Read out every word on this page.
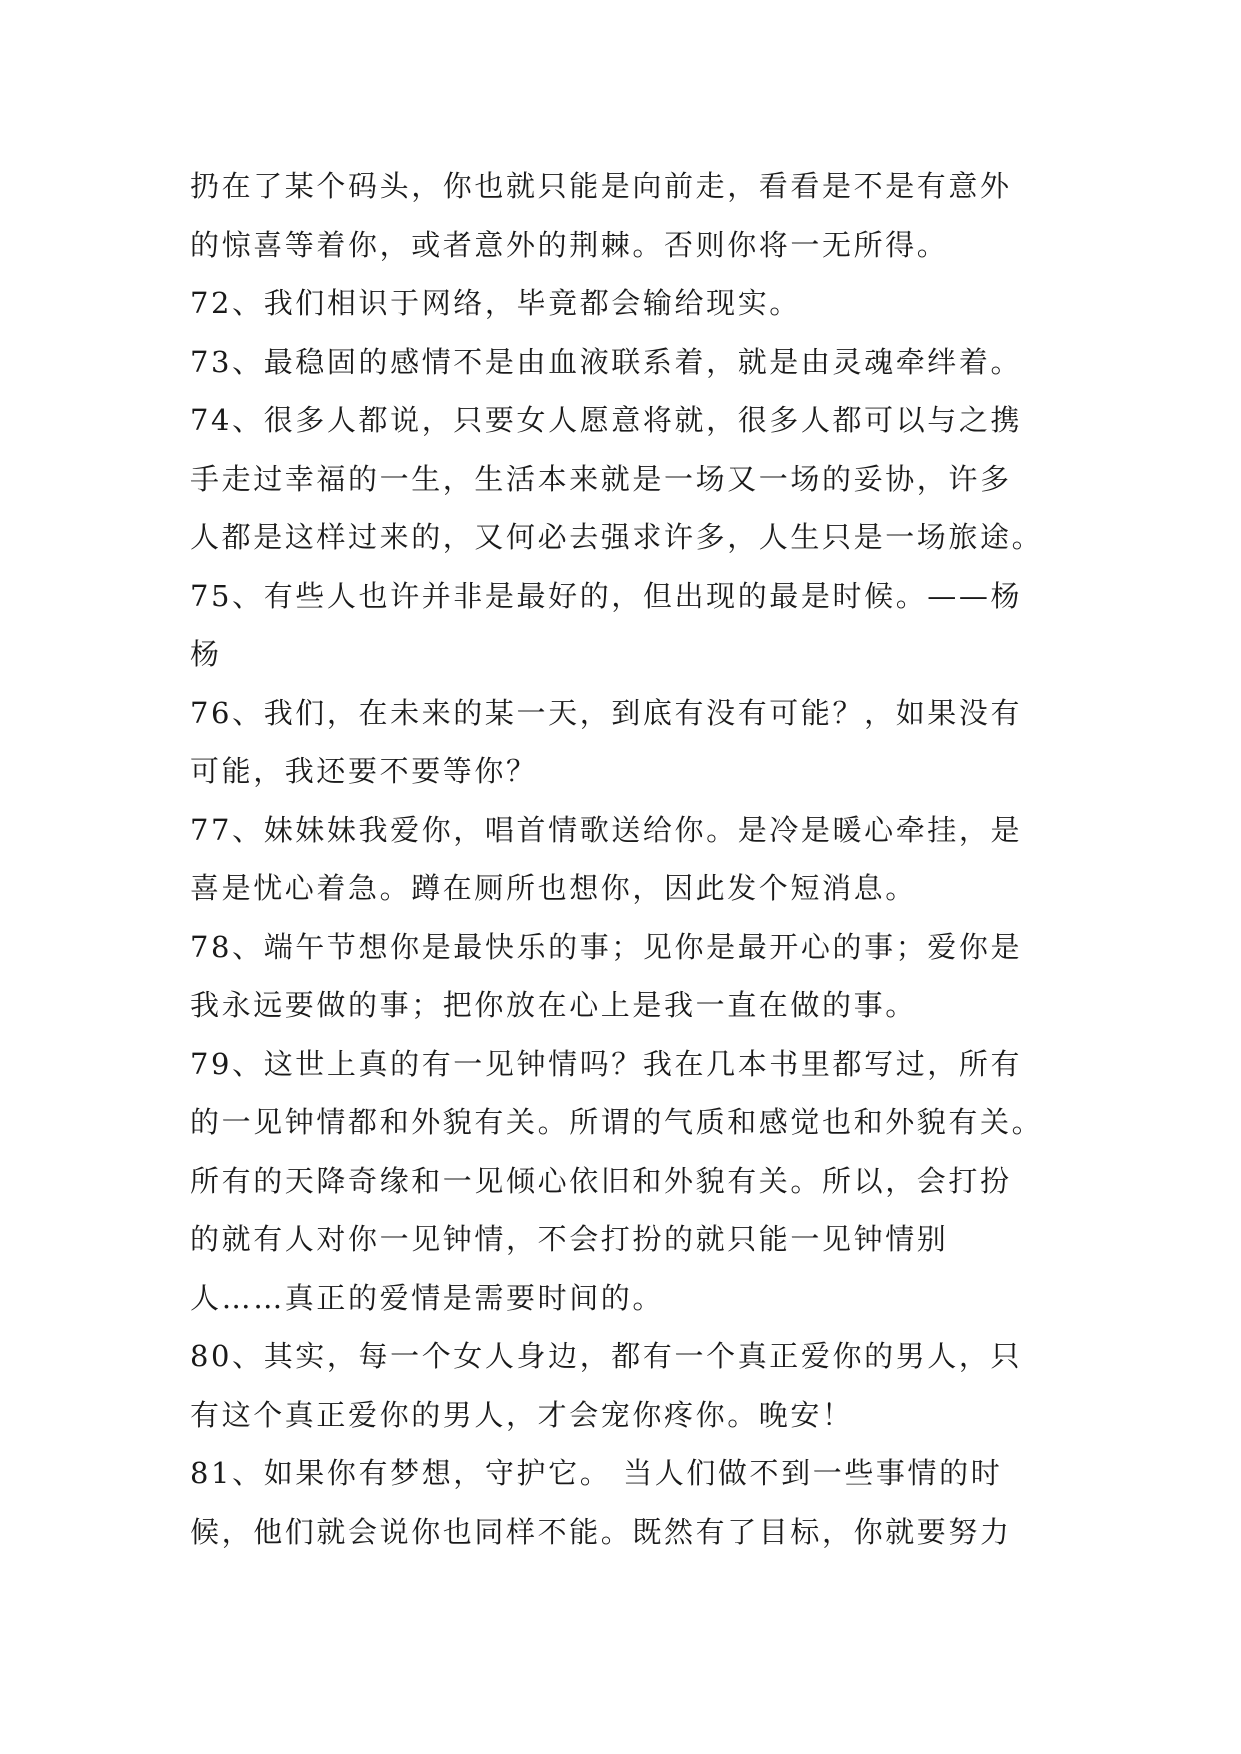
扔在了某个码头，你也就只能是向前走，看看是不是有意外
的惊喜等着你，或者意外的荆棘。否则你将一无所得。
72、我们相识于网络，毕竟都会输给现实。
73、最稳固的感情不是由血液联系着，就是由灵魂牵绊着。
74、很多人都说，只要女人愿意将就，很多人都可以与之携
手走过幸福的一生，生活本来就是一场又一场的妥协，许多
人都是这样过来的，又何必去强求许多，人生只是一场旅途。
75、有些人也许并非是最好的，但出现的最是时候。——杨
杨
76、我们，在未来的某一天，到底有没有可能？，如果没有
可能，我还要不要等你？
77、妹妹妹我爱你，唱首情歌送给你。是冷是暖心牵挂，是
喜是忧心着急。蹲在厕所也想你，因此发个短消息。
78、端午节想你是最快乐的事；见你是最开心的事；爱你是
我永远要做的事；把你放在心上是我一直在做的事。
79、这世上真的有一见钟情吗？我在几本书里都写过，所有
的一见钟情都和外貌有关。所谓的气质和感觉也和外貌有关。
所有的天降奇缘和一见倾心依旧和外貌有关。所以，会打扮
的就有人对你一见钟情，不会打扮的就只能一见钟情别
人……真正的爱情是需要时间的。
80、其实，每一个女人身边，都有一个真正爱你的男人，只
有这个真正爱你的男人，才会宠你疼你。晚安！
81、如果你有梦想，守护它。 当人们做不到一些事情的时
候，他们就会说你也同样不能。既然有了目标，你就要努力
